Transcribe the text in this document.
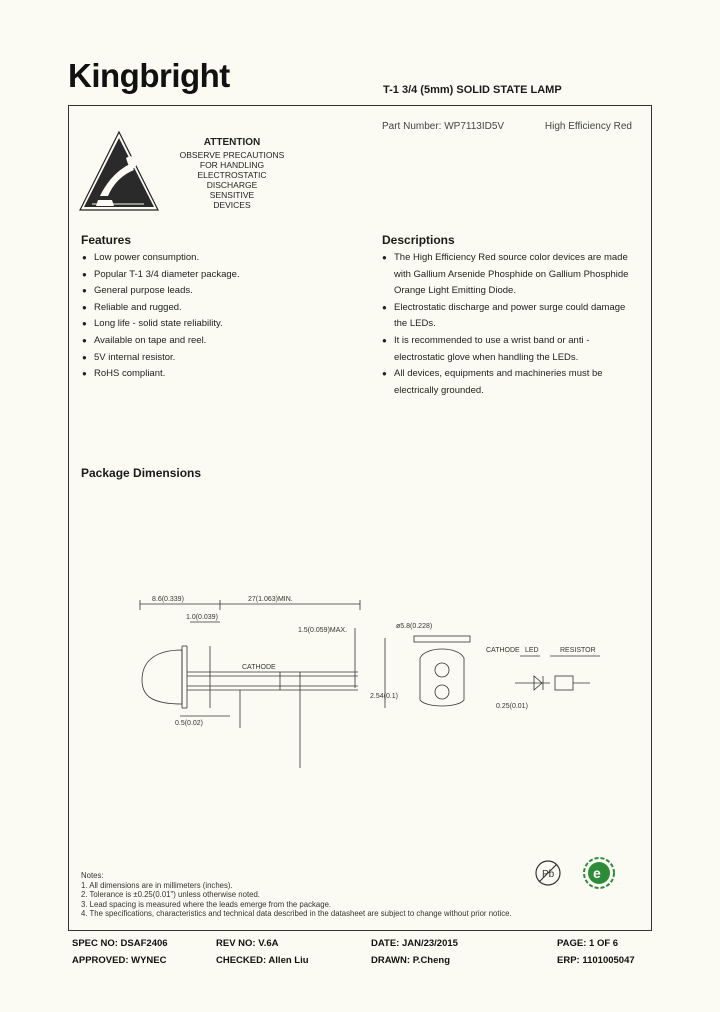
Kingbright	T-1 3/4 (5mm) SOLID STATE LAMP
Part Number: WP7113ID5V	High Efficiency Red
ATTENTION
OBSERVE PRECAUTIONS
FOR HANDLING
ELECTROSTATIC
DISCHARGE
SENSITIVE
DEVICES
Features
● Low power consumption.
● Popular T-1 3/4 diameter package.
● General purpose leads.
● Reliable and rugged.
● Long life - solid state reliability.
● Available on tape and reel.
● 5V internal resistor.
● RoHS compliant.
Descriptions
● The High Efficiency Red source color devices are made
with Gallium Arsenide Phosphide on Gallium Phosphide
Orange Light Emitting Diode.
● Electrostatic discharge and power surge could damage
the LEDs.
● It is recommended to use a wrist band or anti -
electrostatic glove when handling the LEDs.
● All devices, equipments and machineries must be
electrically grounded.
Package Dimensions
8.6(0.339)	27(1.063)MIN.
1.0(0.039)
1.5(0.059)MAX.
CATHODE
0.5(0.02)
ø5.8(0.228)
2.54(0.1)
CATHODE LED	RESISTOR
0.25(0.01)
Pb	e
Notes:
1. All dimensions are in millimeters (inches).
2. Tolerance is ±0.25(0.01") unless otherwise noted.
3. Lead spacing is measured where the leads emerge from the package.
4. The specifications, characteristics and technical data described in the datasheet are subject to change without prior notice.
SPEC NO: DSAF2406	REV NO: V.6A	DATE: JAN/23/2015	PAGE: 1 OF 6
APPROVED: WYNEC	CHECKED: Allen Liu	DRAWN: P.Cheng	ERP: 1101005047
